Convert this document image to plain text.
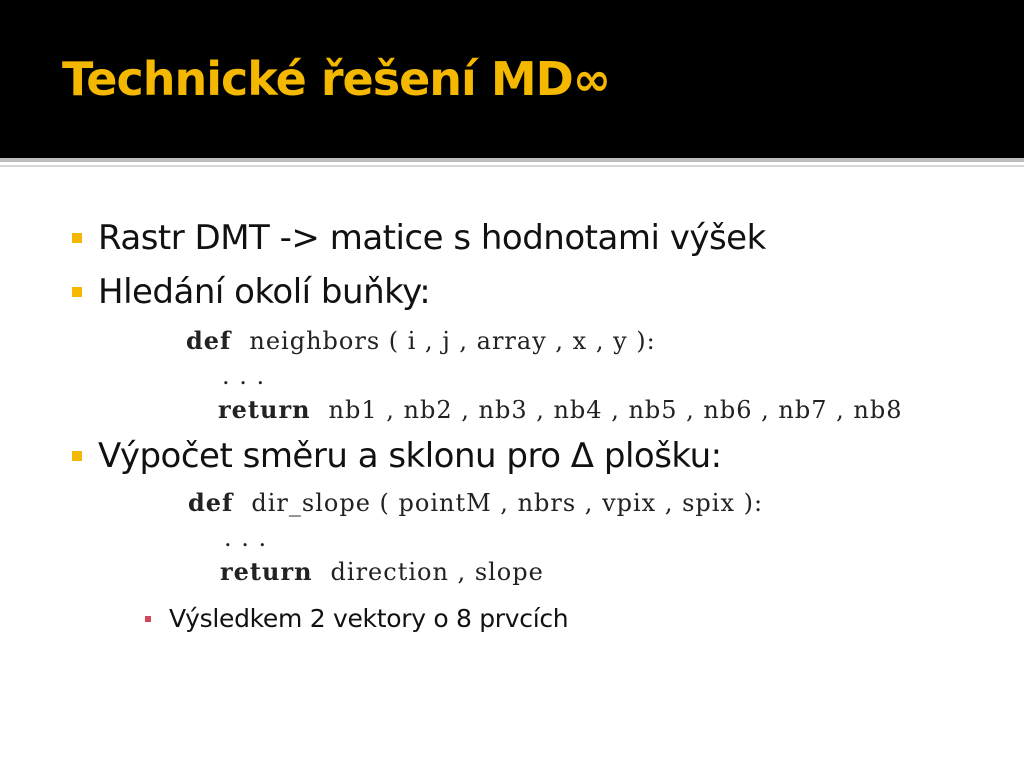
Technické řešení MD∞
Rastr DMT -> matice s hodnotami výšek
Hledání okolí buňky:
def neighbors ( i , j , array , x , y ):
. . .
return nb1 , nb2 , nb3 , nb4 , nb5 , nb6 , nb7 , nb8
Výpočet směru a sklonu pro Δ plošku:
def dir_slope ( pointM , nbrs , vpix , spix ):
. . .
return direction , slope
Výsledkem 2 vektory o 8 prvcích
